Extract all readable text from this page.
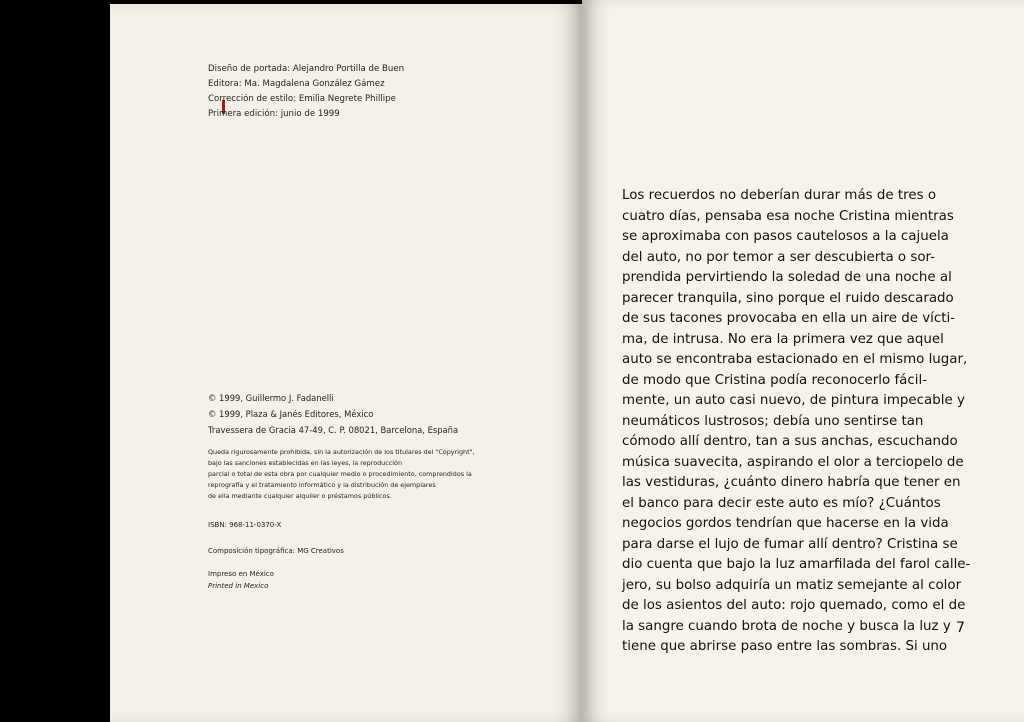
Diseño de portada: Alejandro Portilla de Buen
Editora: Ma. Magdalena González Gámez
Corrección de estilo: Emilia Negrete Phillipe
Primera edición: junio de 1999
© 1999, Guillermo J. Fadanelli
© 1999, Plaza & Janés Editores, México
Travessera de Gracia 47-49, C. P. 08021, Barcelona, España
Queda rigurosamente prohibida, sin la autorización de los titulares del "Copyright",
bajo las sanciones establecidas en las leyes, la reproducción
parcial o total de esta obra por cualquier medio o procedimiento, comprendidos la
reprografía y el tratamiento informático y la distribución de ejemplares
de ella mediante cualquier alquiler o préstamos públicos.
ISBN: 968-11-0370-X
Composición tipográfica: MG Creativos
Impreso en México
Printed in Mexico
Los recuerdos no deberían durar más de tres o
cuatro días, pensaba esa noche Cristina mientras
se aproximaba con pasos cautelosos a la cajuela
del auto, no por temor a ser descubierta o sor-
prendida pervirtiendo la soledad de una noche al
parecer tranquila, sino porque el ruido descarado
de sus tacones provocaba en ella un aire de vícti-
ma, de intrusa. No era la primera vez que aquel
auto se encontraba estacionado en el mismo lugar,
de modo que Cristina podía reconocerlo fácil-
mente, un auto casi nuevo, de pintura impecable y
neumáticos lustrosos; debía uno sentirse tan
cómodo allí dentro, tan a sus anchas, escuchando
música suavecita, aspirando el olor a terciopelo de
las vestiduras, ¿cuánto dinero habría que tener en
el banco para decir este auto es mío? ¿Cuántos
negocios gordos tendrían que hacerse en la vida
para darse el lujo de fumar allí dentro? Cristina se
dio cuenta que bajo la luz amarfilada del farol calle-
jero, su bolso adquiría un matiz semejante al color
de los asientos del auto: rojo quemado, como el de
la sangre cuando brota de noche y busca la luz y
tiene que abrirse paso entre las sombras. Si uno
7
